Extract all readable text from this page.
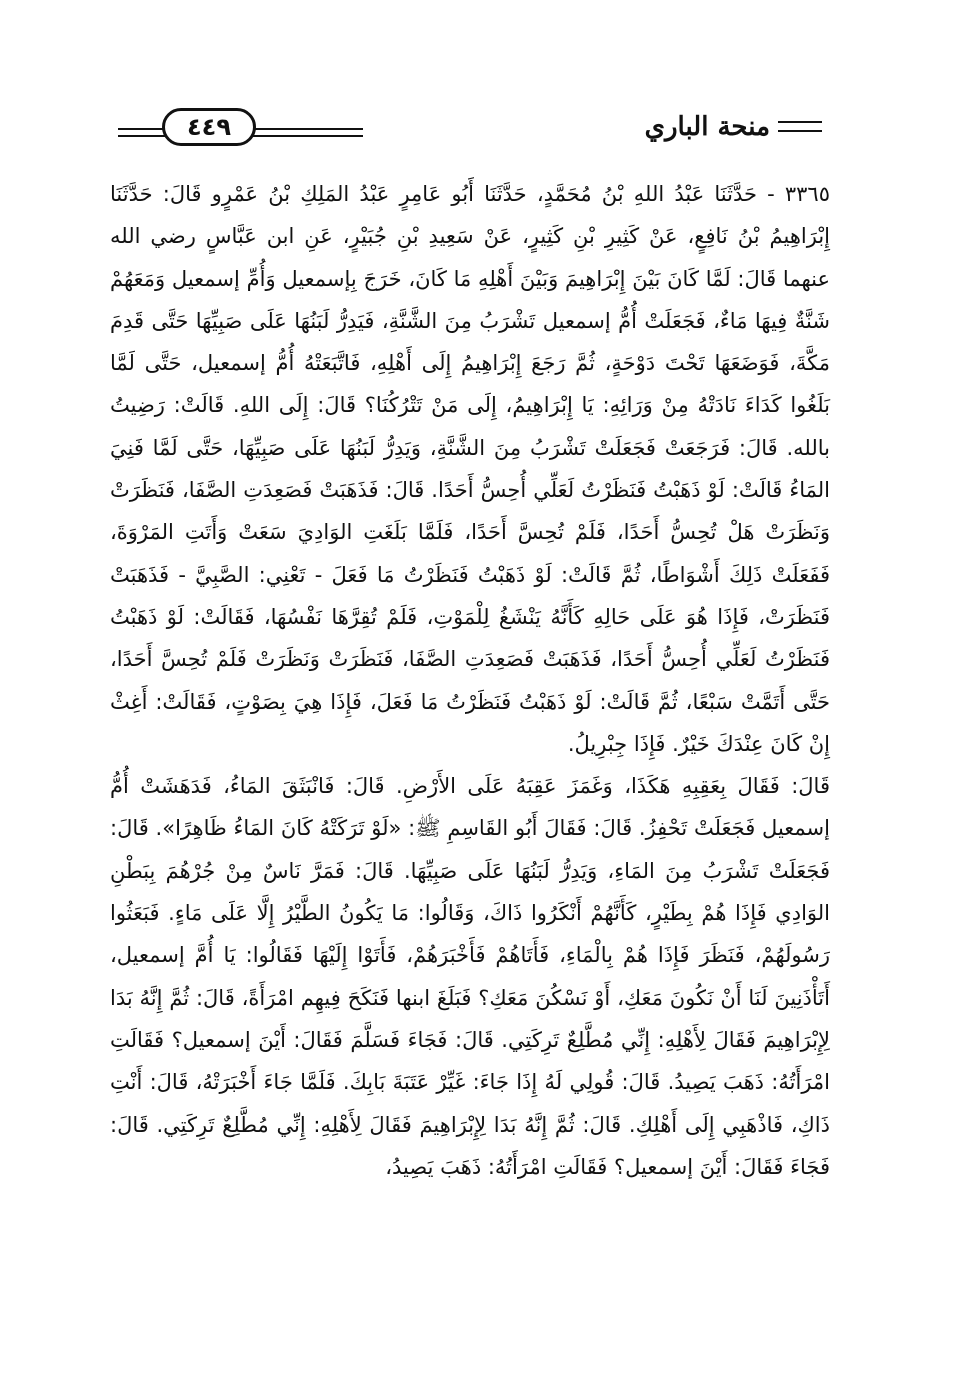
٤٤٩	منحة الباري

٣٣٦٥ - حَدَّثَنَا عَبْدُ اللهِ بْنُ مُحَمَّدٍ، حَدَّثَنَا أَبُو عَامِرٍ عَبْدُ المَلِكِ بْنُ عَمْرٍو قَالَ: حَدَّثَنَا إِبْرَاهِيمُ بْنُ نَافِعٍ، عَنْ كَثِيرِ بْنِ كَثِيرٍ، عَنْ سَعِيدِ بْنِ جُبَيْرٍ، عَنِ ابن عَبَّاسٍ رضي الله عنهما قَالَ: لَمَّا كَانَ بَيْنَ إِبْرَاهِيمَ وَبَيْنَ أَهْلِهِ مَا كَانَ، خَرَجَ بِإسمعيل وَأُمِّ إسمعيل وَمَعَهُمْ شَنَّةٌ فِيهَا مَاءٌ، فَجَعَلَتْ أُمُّ إسمعيل تَشْرَبُ مِنَ الشَّنَّةِ، فَيَدِرُّ لَبَنُهَا عَلَى صَبِيِّهَا حَتَّى قَدِمَ مَكَّةَ، فَوَضَعَهَا تَحْتَ دَوْحَةٍ، ثُمَّ رَجَعَ إِبْرَاهِيمُ إِلَى أَهْلِهِ، فَاتَّبَعَتْهُ أُمُّ إسمعيل، حَتَّى لَمَّا بَلَغُوا كَدَاءَ نَادَتْهُ مِنْ وَرَائِهِ: يَا إِبْرَاهِيمُ، إِلَى مَنْ تَتْرُكُنَا؟ قَالَ: إِلَى اللهِ. قَالَتْ: رَضِيتُ بالله. قَالَ: فَرَجَعَتْ فَجَعَلَتْ تَشْرَبُ مِنَ الشَّنَّةِ، وَيَدِرُّ لَبَنُهَا عَلَى صَبِيِّهَا، حَتَّى لَمَّا فَنِيَ المَاءُ قَالَتْ: لَوْ ذَهَبْتُ فَنَظَرْتُ لَعَلِّي أُحِسُّ أَحَدًا. قَالَ: فَذَهَبَتْ فَصَعِدَتِ الصَّفَا، فَنَظَرَتْ وَنَظَرَتْ هَلْ تُحِسُّ أَحَدًا، فَلَمْ تُحِسَّ أَحَدًا، فَلَمَّا بَلَغَتِ الوَادِيَ سَعَتْ وَأَتَتِ المَرْوَةَ، فَفَعَلَتْ ذَلِكَ أَشْوَاطًا، ثُمَّ قَالَتْ: لَوْ ذَهَبْتُ فَنَظَرْتُ مَا فَعَلَ - تَعْنِي: الصَّبِيَّ - فَذَهَبَتْ فَنَظَرَتْ، فَإِذَا هُوَ عَلَى حَالِهِ كَأَنَّهُ يَنْشَغُ لِلْمَوْتِ، فَلَمْ تُقِرَّهَا نَفْسُهَا، فَقَالَتْ: لَوْ ذَهَبْتُ فَنَظَرْتُ لَعَلِّي أُحِسُّ أَحَدًا، فَذَهَبَتْ فَصَعِدَتِ الصَّفَا، فَنَظَرَتْ وَنَظَرَتْ فَلَمْ تُحِسَّ أَحَدًا، حَتَّى أَتَمَّتْ سَبْعًا، ثُمَّ قَالَتْ: لَوْ ذَهَبْتُ فَنَظَرْتُ مَا فَعَلَ، فَإِذَا هِيَ بِصَوْتٍ، فَقَالَتْ: أَغِثْ إِنْ كَانَ عِنْدَكَ خَيْرٌ. فَإِذَا جِبْرِيلُ.

قَالَ: فَقَالَ بِعَقِبِهِ هَكَذَا، وَغَمَزَ عَقِبَهُ عَلَى الأَرْضِ. قَالَ: فَانْبَثَقَ المَاءُ، فَدَهَشَتْ أُمُّ إسمعيل فَجَعَلَتْ تَحْفِزُ. قَالَ: فَقَالَ أَبُو القَاسِمِ ﷺ: «لَوْ تَرَكَتْهُ كَانَ المَاءُ ظَاهِرًا». قَالَ: فَجَعَلَتْ تَشْرَبُ مِنَ المَاءِ، وَيَدِرُّ لَبَنُهَا عَلَى صَبِيِّهَا. قَالَ: فَمَرَّ نَاسٌ مِنْ جُرْهُمَ بِبَطْنِ الوَادِي فَإِذَا هُمْ بِطَيْرٍ، كَأَنَّهُمْ أَنْكَرُوا ذَاكَ، وَقَالُوا: مَا يَكُونُ الطَّيْرُ إِلَّا عَلَى مَاءٍ. فَبَعَثُوا رَسُولَهُمْ، فَنَظَرَ فَإِذَا هُمْ بِالْمَاءِ، فَأَتَاهُمْ فَأَخْبَرَهُمْ، فَأَتَوْا إِلَيْهَا فَقَالُوا: يَا أُمَّ إسمعيل، أَتَأْذَنِينَ لَنَا أَنْ نَكُونَ مَعَكِ، أَوْ نَسْكُنَ مَعَكِ؟ فَبَلَغَ ابنها فَنَكَحَ فِيهِم امْرَأَةً، قَالَ: ثُمَّ إِنَّهُ بَدَا لِإِبْرَاهِيمَ فَقَالَ لِأَهْلِهِ: إِنِّي مُطَّلِعٌ تَرِكَتِي. قَالَ: فَجَاءَ فَسَلَّمَ فَقَالَ: أَيْنَ إسمعيل؟ فَقَالَتِ امْرَأَتُهُ: ذَهَبَ يَصِيدُ. قَالَ: قُولِي لَهُ إِذَا جَاءَ: غَيِّرْ عَتَبَةَ بَابِكَ. فَلَمَّا جَاءَ أَخْبَرَتْهُ، قَالَ: أَنْتِ ذَاكِ، فَاذْهَبِي إِلَى أَهْلِكِ. قَالَ: ثُمَّ إِنَّهُ بَدَا لِإِبْرَاهِيمَ فَقَالَ لِأَهْلِهِ: إِنِّي مُطَّلِعٌ تَرِكَتِي. قَالَ: فَجَاءَ فَقَالَ: أَيْنَ إسمعيل؟ فَقَالَتِ امْرَأَتُهُ: ذَهَبَ يَصِيدُ،
